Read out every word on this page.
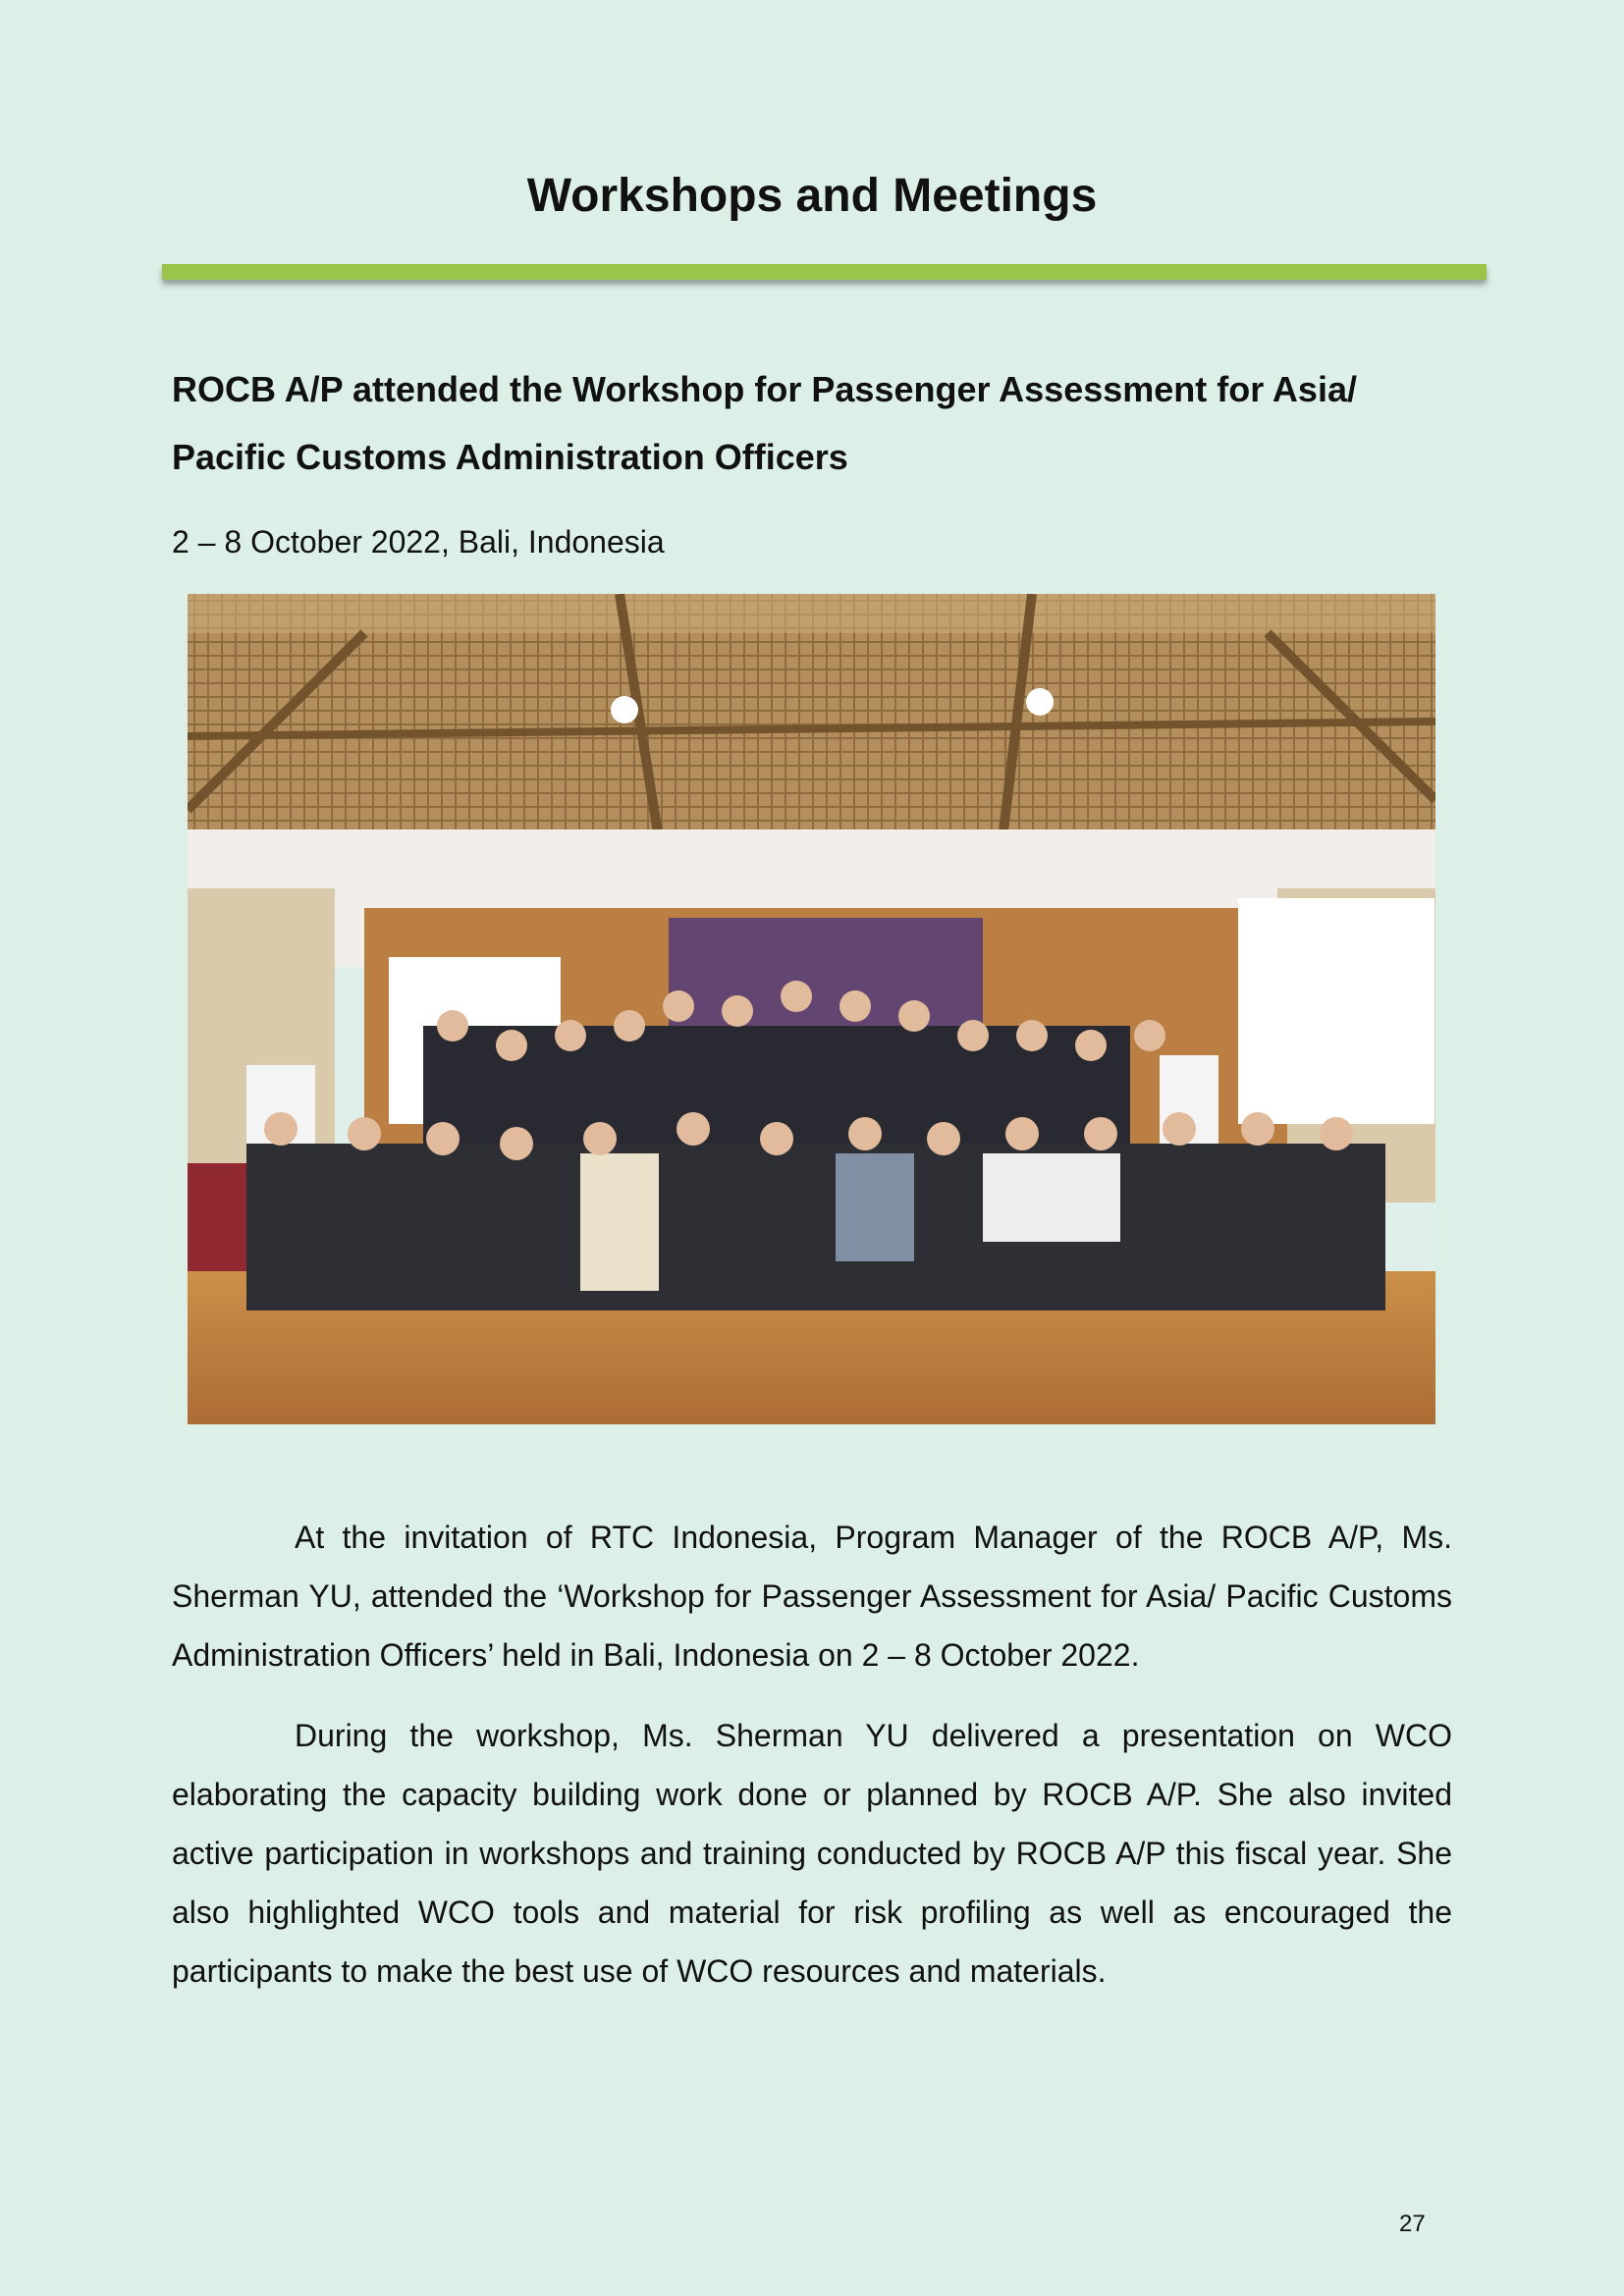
Workshops and Meetings
ROCB A/P attended the Workshop for Passenger Assessment for Asia/ Pacific Customs Administration Officers
2 – 8 October 2022, Bali, Indonesia

At the invitation of RTC Indonesia, Program Manager of the ROCB A/P, Ms. Sherman YU, attended the ‘Workshop for Passenger Assessment for Asia/ Pacific Customs Administration Officers’ held in Bali, Indonesia on 2 – 8 October 2022.

During the workshop, Ms. Sherman YU delivered a presentation on WCO elaborating the capacity building work done or planned by ROCB A/P. She also invited active participation in workshops and training conducted by ROCB A/P this fiscal year. She also highlighted WCO tools and material for risk profiling as well as encouraged the participants to make the best use of WCO resources and materials.

27
